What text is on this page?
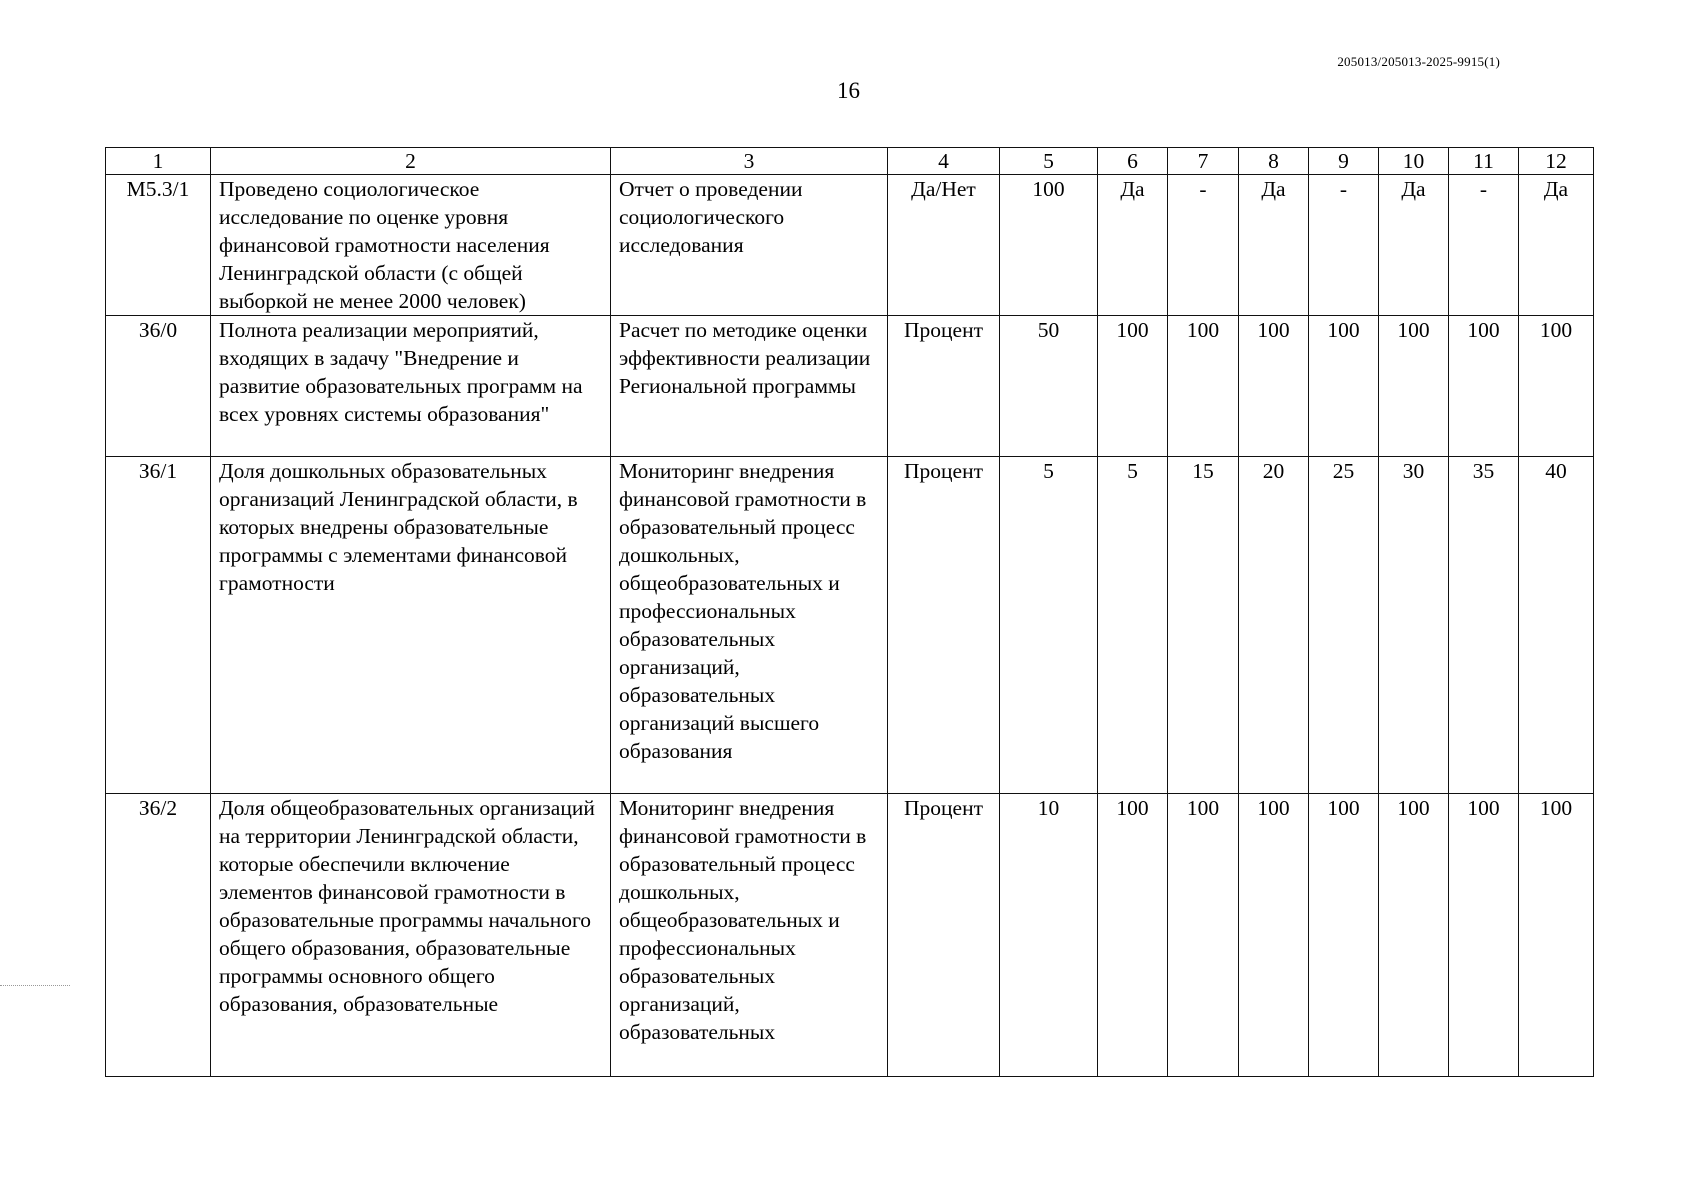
205013/205013-2025-9915(1)
16
1	2	3	4	5	6	7	8	9	10	11	12
М5.3/1	Проведено социологическое исследование по оценке уровня финансовой грамотности населения Ленинградской области (с общей выборкой не менее 2000 человек)	Отчет о проведении социологического исследования	Да/Нет	100	Да	-	Да	-	Да	-	Да
З6/0	Полнота реализации мероприятий, входящих в задачу "Внедрение и развитие образовательных программ на всех уровнях системы образования"	Расчет по методике оценки эффективности реализации Региональной программы	Процент	50	100	100	100	100	100	100	100
З6/1	Доля дошкольных образовательных организаций Ленинградской области, в которых внедрены образовательные программы с элементами финансовой грамотности	Мониторинг внедрения финансовой грамотности в образовательный процесс дошкольных, общеобразовательных и профессиональных образовательных организаций, образовательных организаций высшего образования	Процент	5	5	15	20	25	30	35	40
З6/2	Доля общеобразовательных организаций на территории Ленинградской области, которые обеспечили включение элементов финансовой грамотности в образовательные программы начального общего образования, образовательные программы основного общего образования, образовательные	Мониторинг внедрения финансовой грамотности в образовательный процесс дошкольных, общеобразовательных и профессиональных образовательных организаций, образовательных	Процент	10	100	100	100	100	100	100	100
